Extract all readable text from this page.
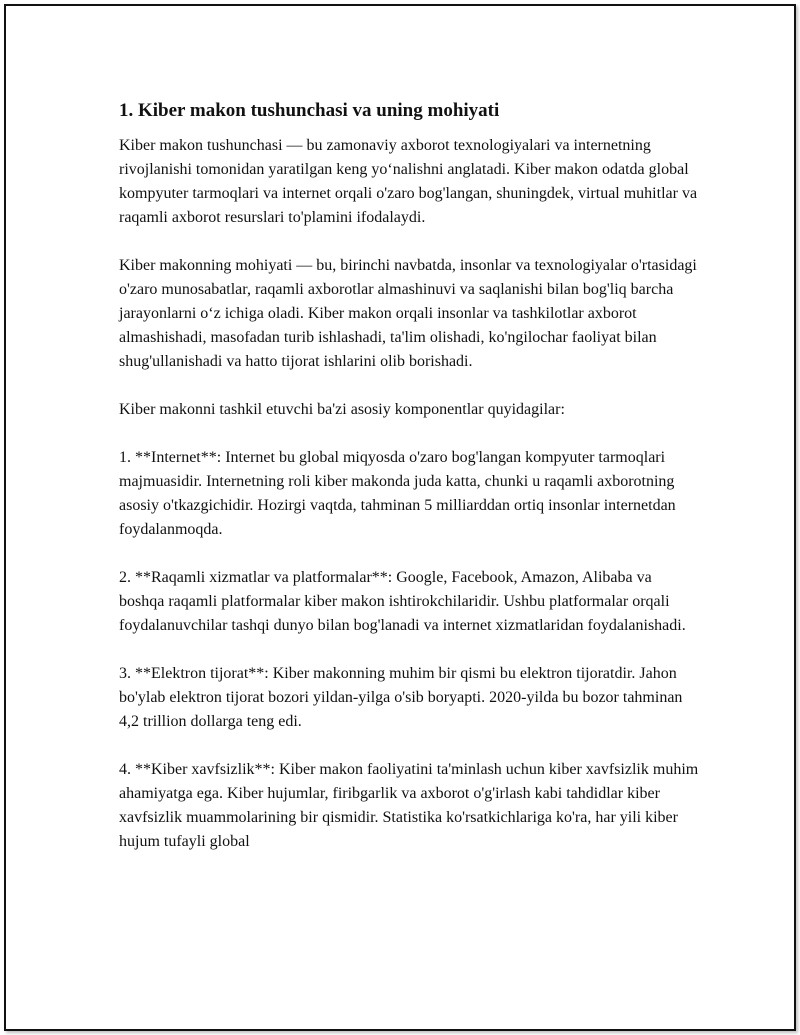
1. Kiber makon tushunchasi va uning mohiyati

Kiber makon tushunchasi — bu zamonaviy axborot texnologiyalari va internetning rivojlanishi tomonidan yaratilgan keng yo‘nalishni anglatadi. Kiber makon odatda global kompyuter tarmoqlari va internet orqali o'zaro bog'langan, shuningdek, virtual muhitlar va raqamli axborot resurslari to'plamini ifodalaydi.

Kiber makonning mohiyati — bu, birinchi navbatda, insonlar va texnologiyalar o'rtasidagi o'zaro munosabatlar, raqamli axborotlar almashinuvi va saqlanishi bilan bog'liq barcha jarayonlarni o‘z ichiga oladi. Kiber makon orqali insonlar va tashkilotlar axborot almashishadi, masofadan turib ishlashadi, ta'lim olishadi, ko'ngilochar faoliyat bilan shug'ullanishadi va hatto tijorat ishlarini olib borishadi.

Kiber makonni tashkil etuvchi ba'zi asosiy komponentlar quyidagilar:

1. **Internet**: Internet bu global miqyosda o'zaro bog'langan kompyuter tarmoqlari majmuasidir. Internetning roli kiber makonda juda katta, chunki u raqamli axborotning asosiy o'tkazgichidir. Hozirgi vaqtda, tahminan 5 milliarddan ortiq insonlar internetdan foydalanmoqda.

2. **Raqamli xizmatlar va platformalar**: Google, Facebook, Amazon, Alibaba va boshqa raqamli platformalar kiber makon ishtirokchilaridir. Ushbu platformalar orqali foydalanuvchilar tashqi dunyo bilan bog'lanadi va internet xizmatlaridan foydalanishadi.

3. **Elektron tijorat**: Kiber makonning muhim bir qismi bu elektron tijoratdir. Jahon bo'ylab elektron tijorat bozori yildan-yilga o'sib boryapti. 2020-yilda bu bozor tahminan 4,2 trillion dollarga teng edi.

4. **Kiber xavfsizlik**: Kiber makon faoliyatini ta'minlash uchun kiber xavfsizlik muhim ahamiyatga ega. Kiber hujumlar, firibgarlik va axborot o'g'irlash kabi tahdidlar kiber xavfsizlik muammolarining bir qismidir. Statistika ko'rsatkichlariga ko'ra, har yili kiber hujum tufayli global
